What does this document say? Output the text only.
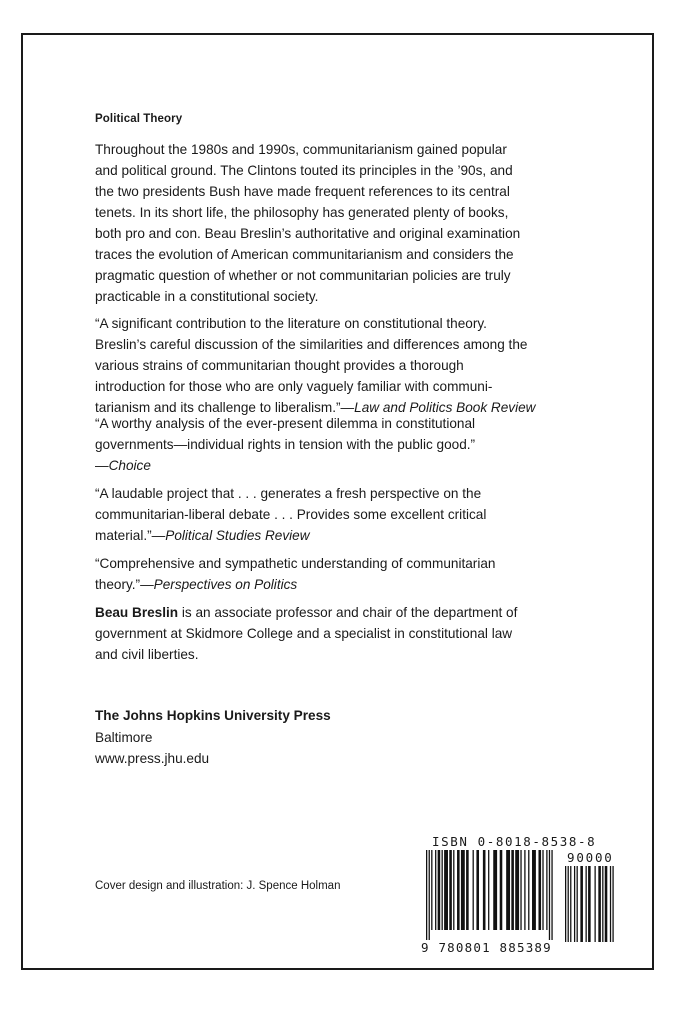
Political Theory
Throughout the 1980s and 1990s, communitarianism gained popular
and political ground. The Clintons touted its principles in the ’90s, and
the two presidents Bush have made frequent references to its central
tenets. In its short life, the philosophy has generated plenty of books,
both pro and con. Beau Breslin’s authoritative and original examination
traces the evolution of American communitarianism and considers the
pragmatic question of whether or not communitarian policies are truly
practicable in a constitutional society.
“A significant contribution to the literature on constitutional theory.
Breslin’s careful discussion of the similarities and differences among the
various strains of communitarian thought provides a thorough
introduction for those who are only vaguely familiar with communi-
tarianism and its challenge to liberalism.”—Law and Politics Book Review
“A worthy analysis of the ever-present dilemma in constitutional
governments—individual rights in tension with the public good.”
—Choice
“A laudable project that . . . generates a fresh perspective on the
communitarian-liberal debate . . . Provides some excellent critical
material.”—Political Studies Review
“Comprehensive and sympathetic understanding of communitarian
theory.”—Perspectives on Politics
Beau Breslin is an associate professor and chair of the department of
government at Skidmore College and a specialist in constitutional law
and civil liberties.
The Johns Hopkins University Press
Baltimore
www.press.jhu.edu
Cover design and illustration: J. Spence Holman
ISBN 0-8018-8538-8
9 780801 885389
90000
